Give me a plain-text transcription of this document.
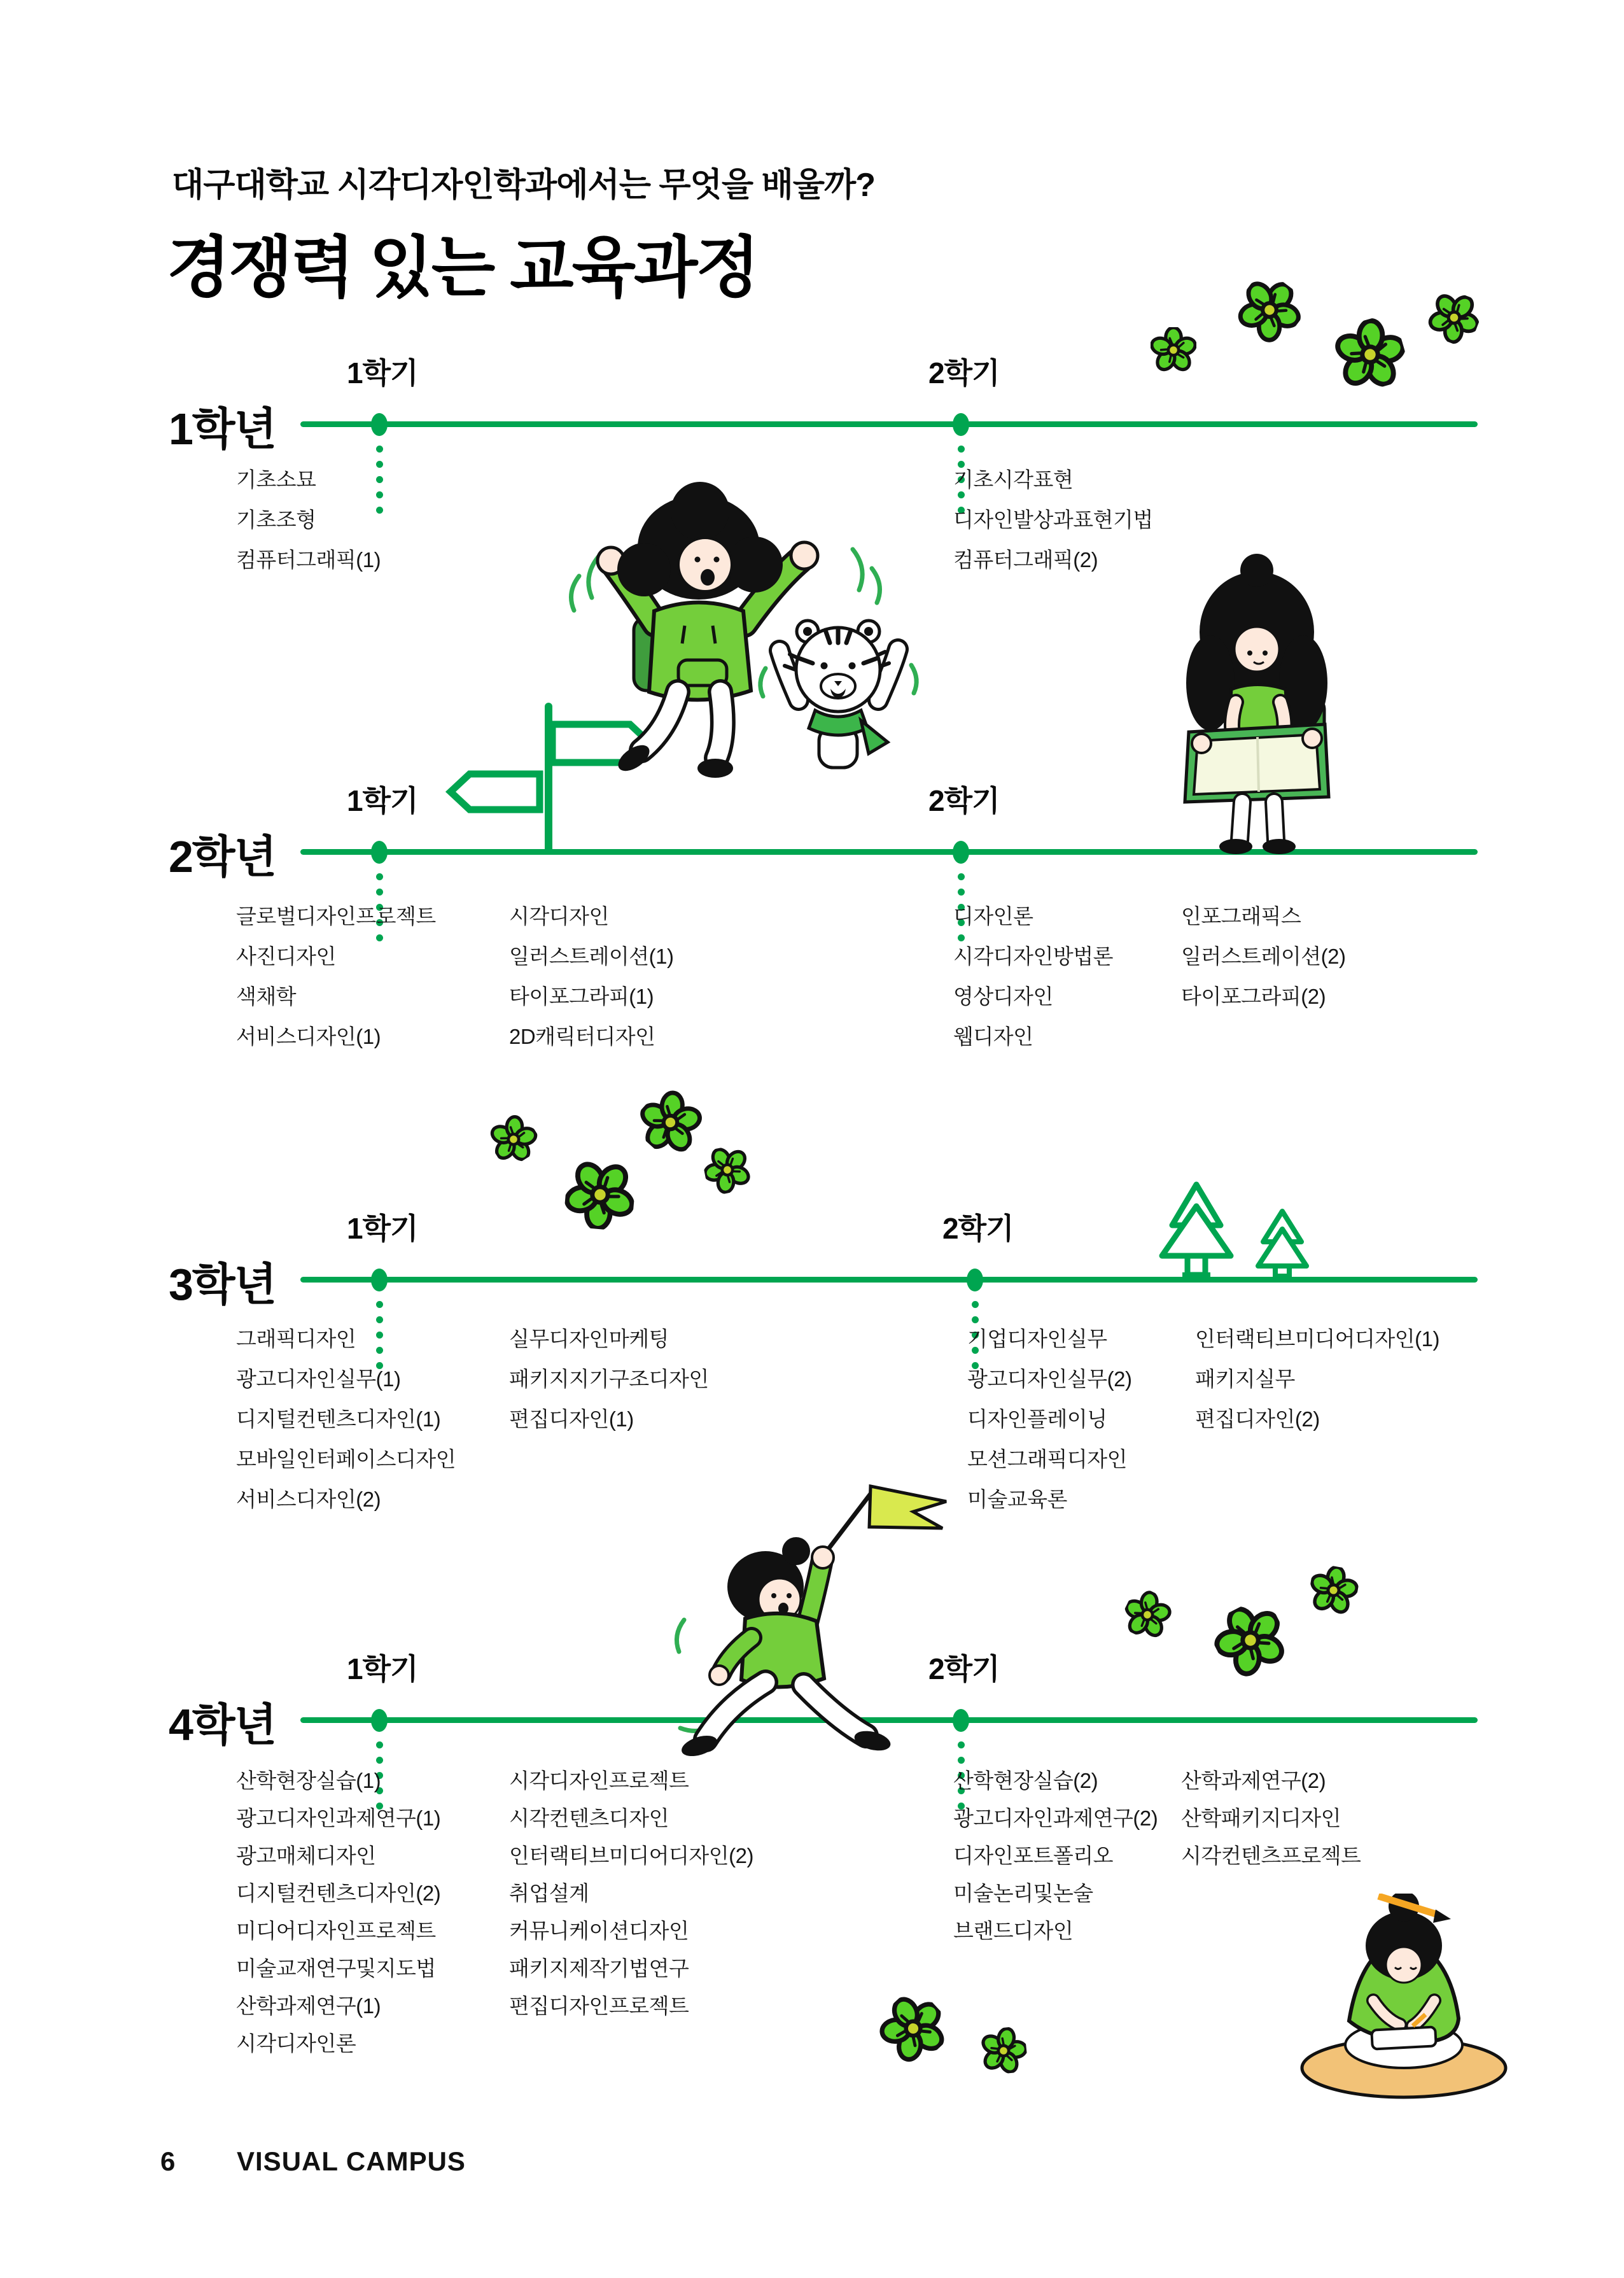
대구대학교 시각디자인학과에서는 무엇을 배울까?
경쟁력 있는 교육과정
6 VISUAL CAMPUS
1학년
1학기
기초소묘
기초조형
컴퓨터그래픽(1)
2학기
기초시각표현
디자인발상과표현기법
컴퓨터그래픽(2)
2학년
1학기
글로벌디자인프로젝트
사진디자인
색채학
서비스디자인(1)
시각디자인
일러스트레이션(1)
타이포그라피(1)
2D캐릭터디자인
2학기
디자인론
시각디자인방법론
영상디자인
웹디자인
인포그래픽스
일러스트레이션(2)
타이포그라피(2)
3학년
1학기
그래픽디자인
광고디자인실무(1)
디지털컨텐츠디자인(1)
모바일인터페이스디자인
서비스디자인(2)
실무디자인마케팅
패키지지기구조디자인
편집디자인(1)
2학기
기업디자인실무
광고디자인실무(2)
디자인플레이닝
모션그래픽디자인
미술교육론
인터랙티브미디어디자인(1)
패키지실무
편집디자인(2)
4학년
1학기
산학현장실습(1)
광고디자인과제연구(1)
광고매체디자인
디지털컨텐츠디자인(2)
미디어디자인프로젝트
미술교재연구및지도법
산학과제연구(1)
시각디자인론
시각디자인프로젝트
시각컨텐츠디자인
인터랙티브미디어디자인(2)
취업설계
커뮤니케이션디자인
패키지제작기법연구
편집디자인프로젝트
2학기
산학현장실습(2)
광고디자인과제연구(2)
디자인포트폴리오
미술논리및논술
브랜드디자인
산학과제연구(2)
산학패키지디자인
시각컨텐츠프로젝트
